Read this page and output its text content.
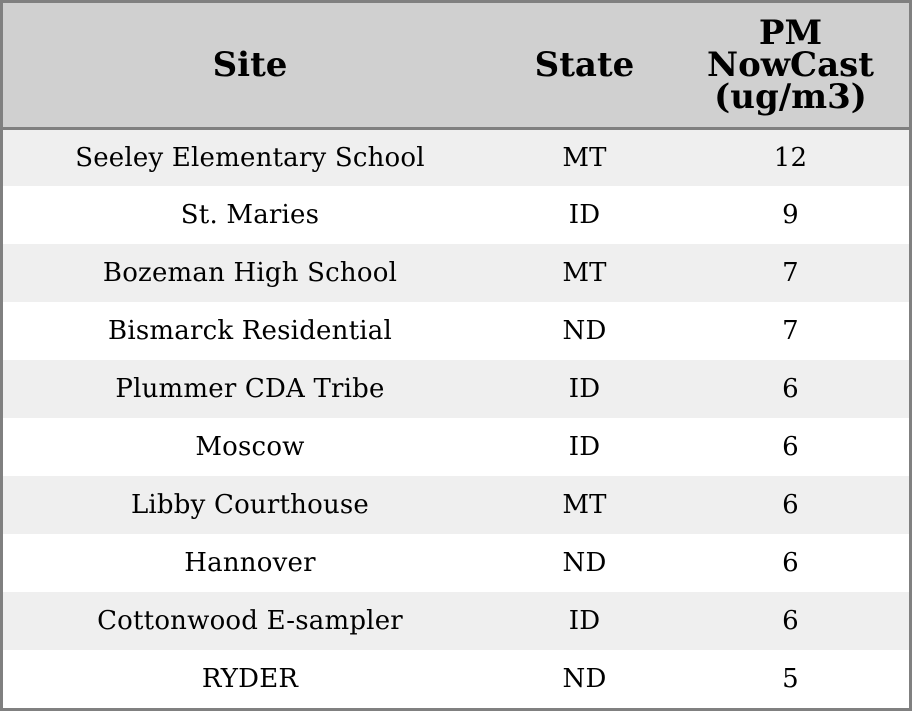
Site	State	PM
NowCast
(ug/m3)

Seeley Elementary School	MT	12
St. Maries	ID	9
Bozeman High School	MT	7
Bismarck Residential	ND	7
Plummer CDA Tribe	ID	6
Moscow	ID	6
Libby Courthouse	MT	6
Hannover	ND	6
Cottonwood E-sampler	ID	6
RYDER	ND	5
